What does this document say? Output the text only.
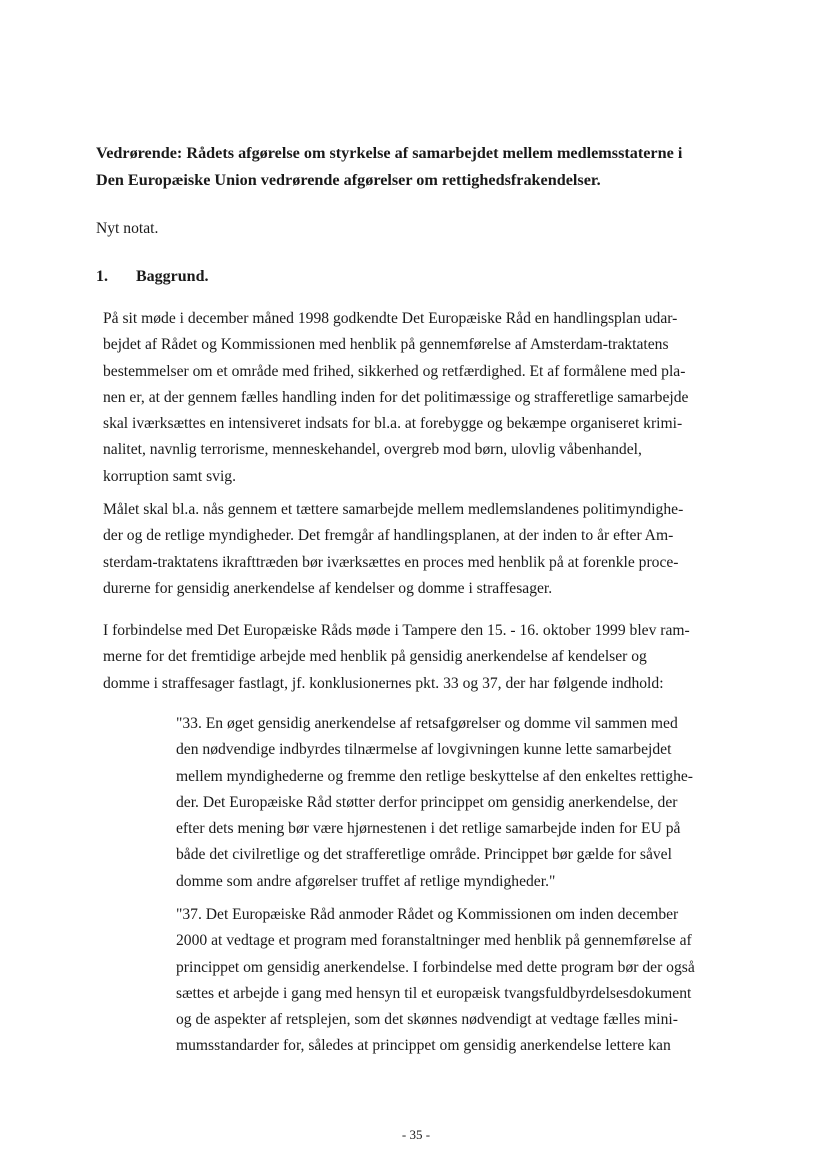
Vedrørende: Rådets afgørelse om styrkelse af samarbejdet mellem medlemsstaterne i
Den Europæiske Union vedrørende afgørelser om rettighedsfrakendelser.
Nyt notat.
1. Baggrund.
På sit møde i december måned 1998 godkendte Det Europæiske Råd en handlingsplan udar-
bejdet af Rådet og Kommissionen med henblik på gennemførelse af Amsterdam-traktatens
bestemmelser om et område med frihed, sikkerhed og retfærdighed. Et af formålene med pla-
nen er, at der gennem fælles handling inden for det politimæssige og strafferetlige samarbejde
skal iværksættes en intensiveret indsats for bl.a. at forebygge og bekæmpe organiseret krimi-
nalitet, navnlig terrorisme, menneskehandel, overgreb mod børn, ulovlig våbenhandel,
korruption samt svig.
Målet skal bl.a. nås gennem et tættere samarbejde mellem medlemslandenes politimyndighe-
der og de retlige myndigheder. Det fremgår af handlingsplanen, at der inden to år efter Am-
sterdam-traktatens ikrafttræden bør iværksættes en proces med henblik på at forenkle proce-
durerne for gensidig anerkendelse af kendelser og domme i straffesager.
I forbindelse med Det Europæiske Råds møde i Tampere den 15. - 16. oktober 1999 blev ram-
merne for det fremtidige arbejde med henblik på gensidig anerkendelse af kendelser og
domme i straffesager fastlagt, jf. konklusionernes pkt. 33 og 37, der har følgende indhold:
"33. En øget gensidig anerkendelse af retsafgørelser og domme vil sammen med
den nødvendige indbyrdes tilnærmelse af lovgivningen kunne lette samarbejdet
mellem myndighederne og fremme den retlige beskyttelse af den enkeltes rettighe-
der. Det Europæiske Råd støtter derfor princippet om gensidig anerkendelse, der
efter dets mening bør være hjørnestenen i det retlige samarbejde inden for EU på
både det civilretlige og det strafferetlige område. Princippet bør gælde for såvel
domme som andre afgørelser truffet af retlige myndigheder."
"37. Det Europæiske Råd anmoder Rådet og Kommissionen om inden december
2000 at vedtage et program med foranstaltninger med henblik på gennemførelse af
princippet om gensidig anerkendelse. I forbindelse med dette program bør der også
sættes et arbejde i gang med hensyn til et europæisk tvangsfuldbyrdelsesdokument
og de aspekter af retsplejen, som det skønnes nødvendigt at vedtage fælles mini-
mumsstandarder for, således at princippet om gensidig anerkendelse lettere kan
- 35 -
